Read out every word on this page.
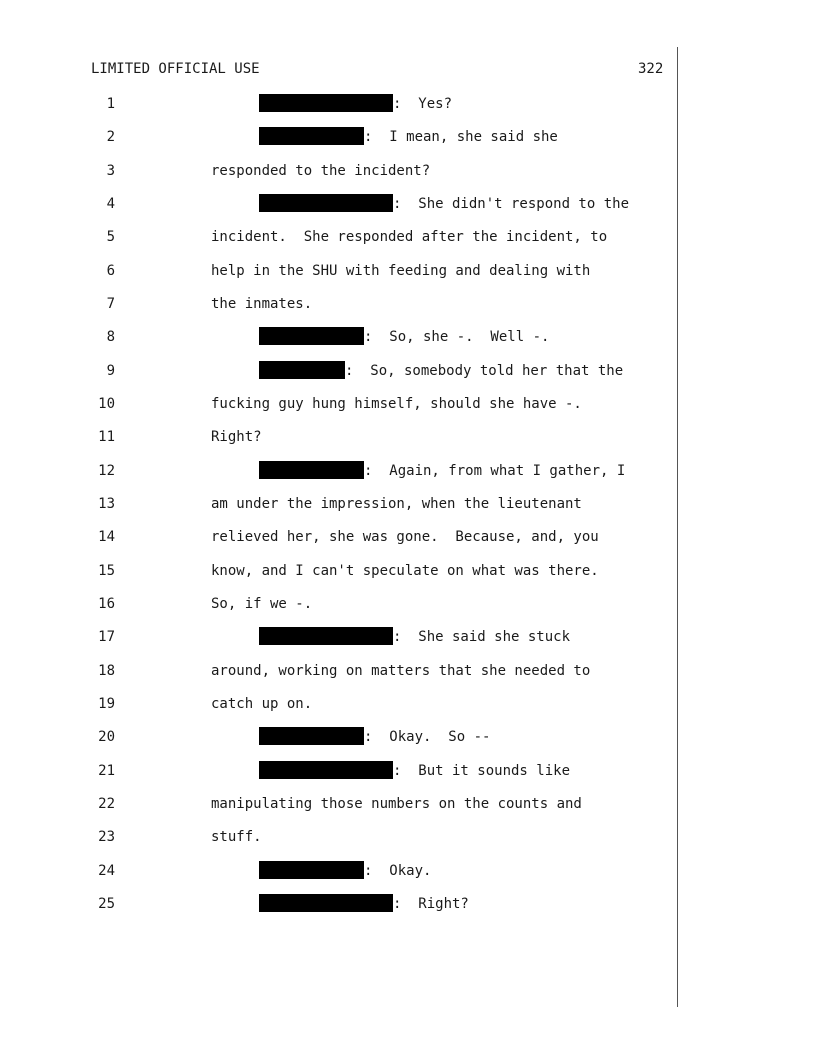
LIMITED OFFICIAL USE	322
1	:  Yes?
2	:  I mean, she said she
3	responded to the incident?
4	:  She didn't respond to the
5	incident.  She responded after the incident, to
6	help in the SHU with feeding and dealing with
7	the inmates.
8	:  So, she -.  Well -.
9	:  So, somebody told her that the
10	fucking guy hung himself, should she have -.
11	Right?
12	:  Again, from what I gather, I
13	am under the impression, when the lieutenant
14	relieved her, she was gone.  Because, and, you
15	know, and I can't speculate on what was there.
16	So, if we -.
17	:  She said she stuck
18	around, working on matters that she needed to
19	catch up on.
20	:  Okay.  So --
21	:  But it sounds like
22	manipulating those numbers on the counts and
23	stuff.
24	:  Okay.
25	:  Right?
